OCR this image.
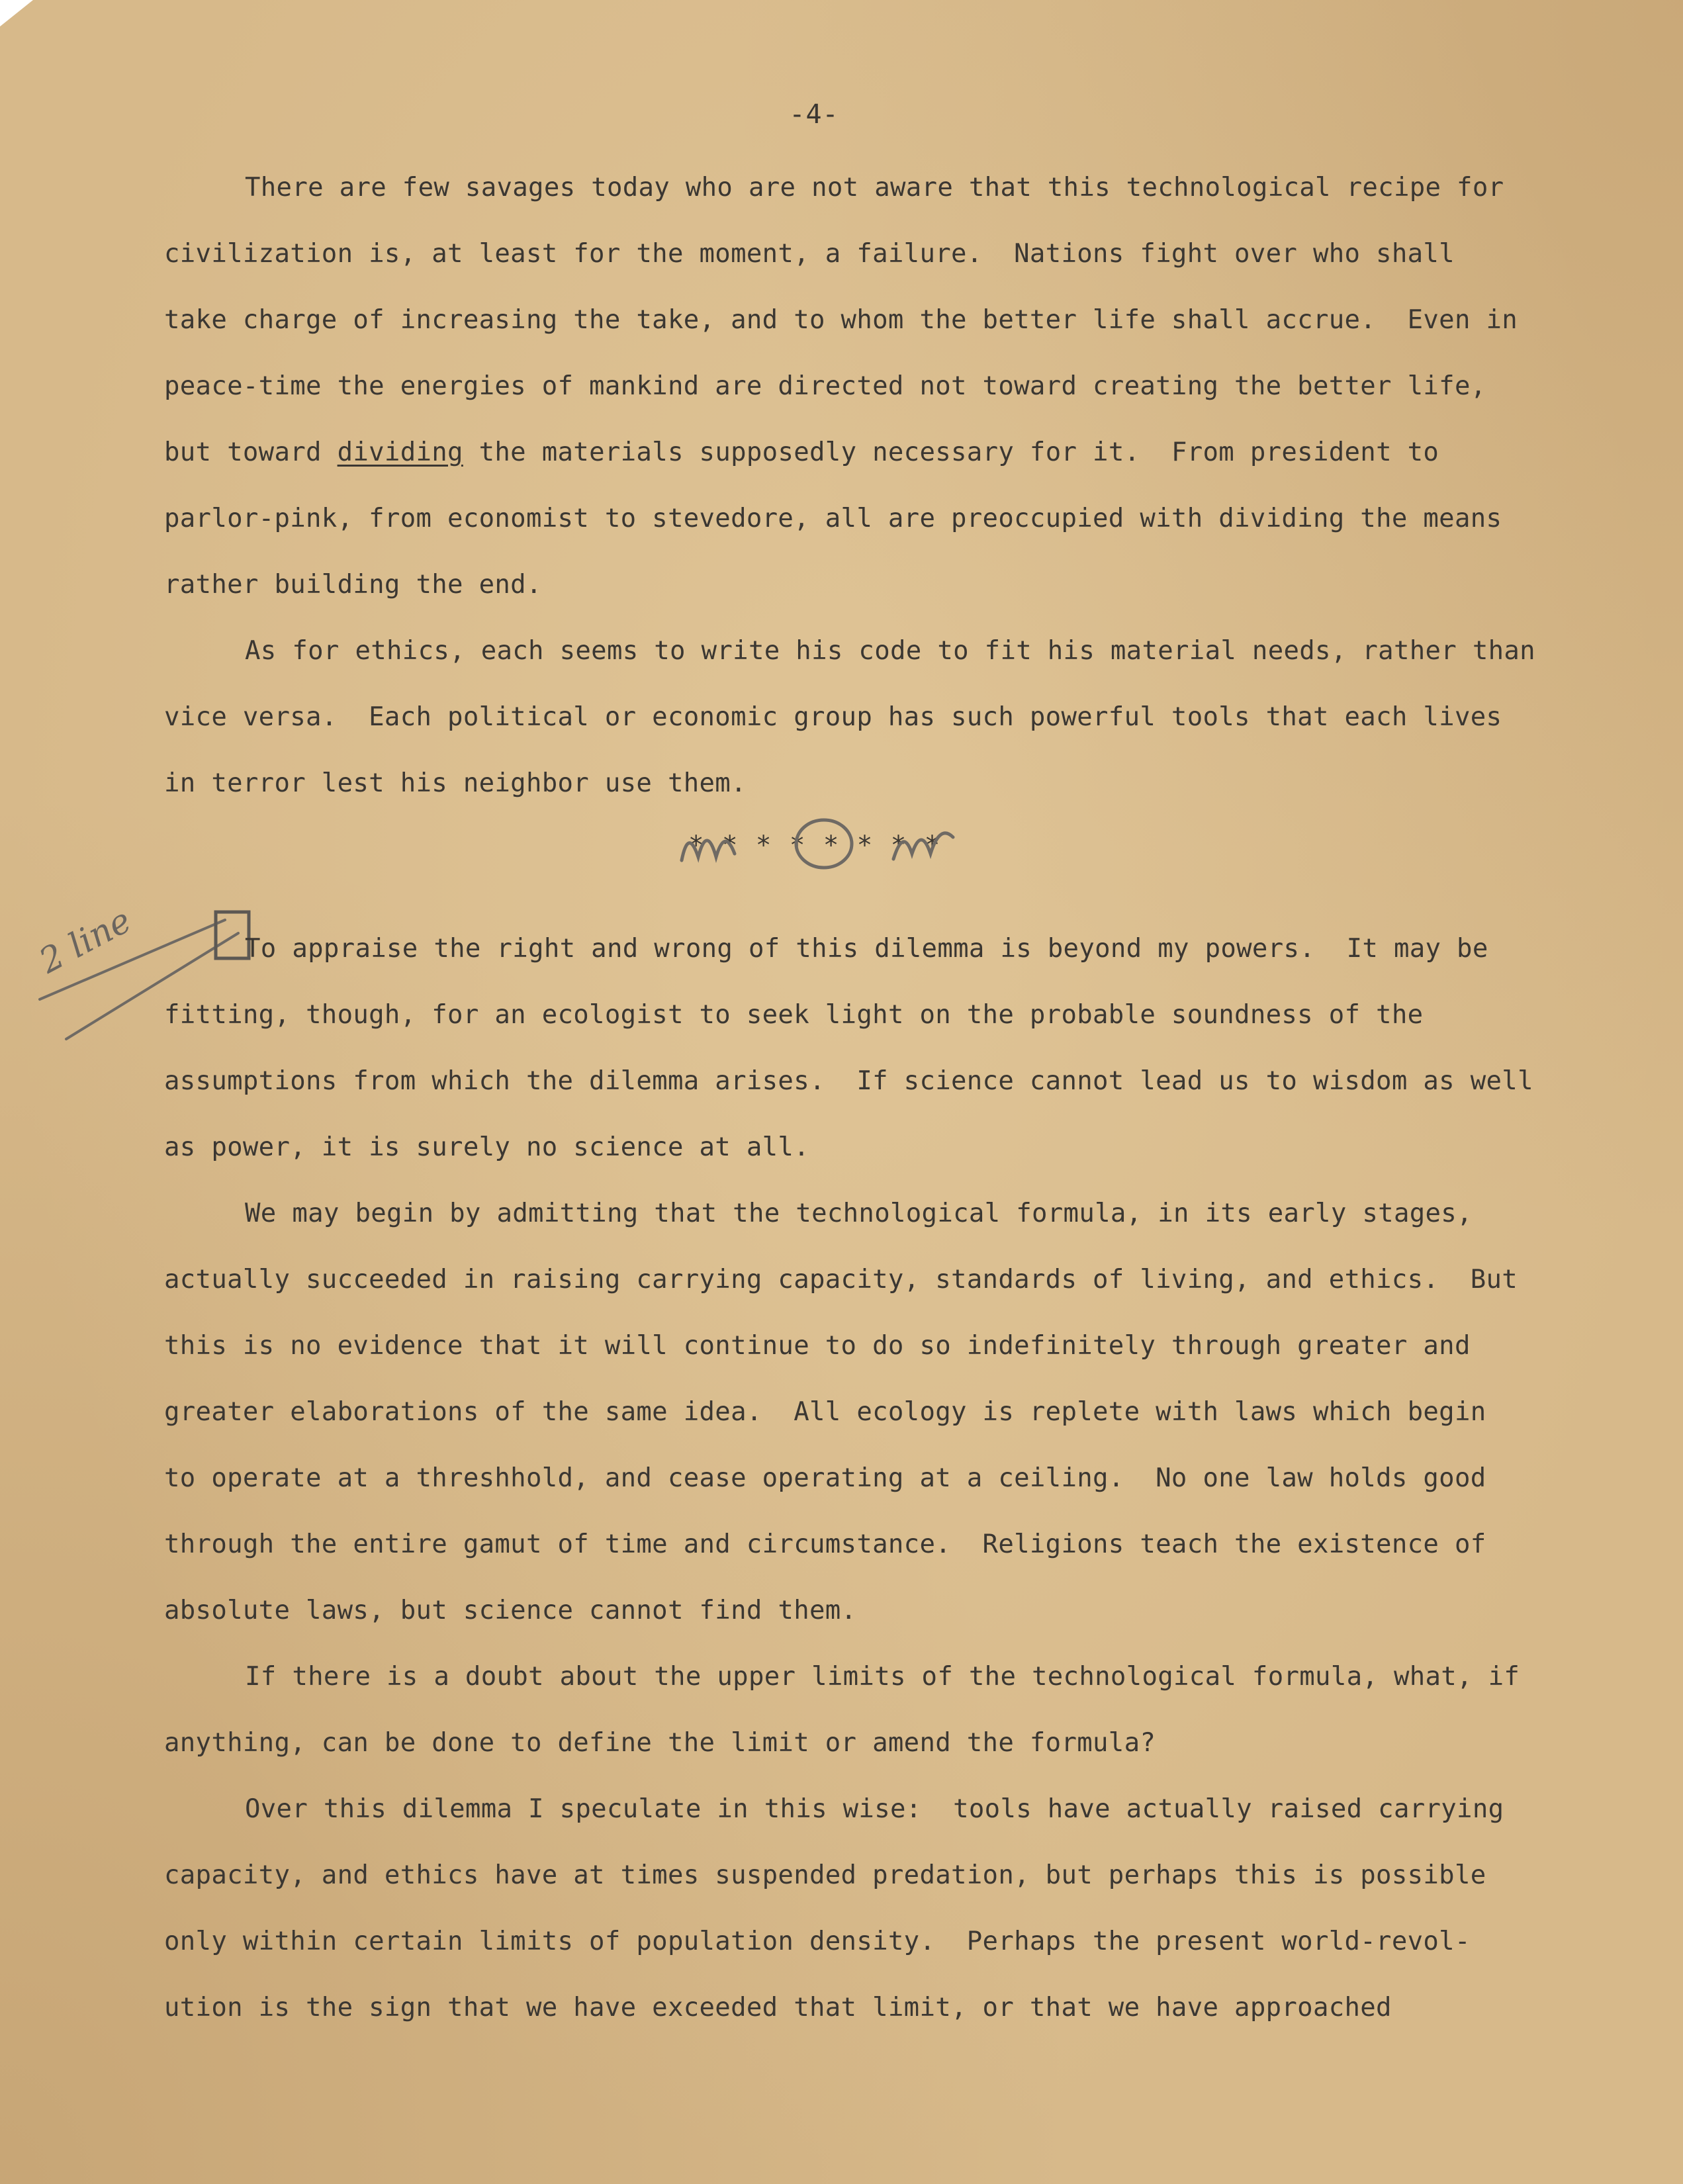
-4-
There are few savages today who are not aware that this technological recipe for
civilization is, at least for the moment, a failure.  Nations fight over who shall
take charge of increasing the take, and to whom the better life shall accrue.  Even in
peace-time the energies of mankind are directed not toward creating the better life,
but toward dividing the materials supposedly necessary for it.  From president to
parlor-pink, from economist to stevedore, all are preoccupied with dividing the means
rather building the end.
As for ethics, each seems to write his code to fit his material needs, rather than
vice versa.  Each political or economic group has such powerful tools that each lives
in terror lest his neighbor use them.
* * * * * * * *
2 line	To appraise the right and wrong of this dilemma is beyond my powers.  It may be
fitting, though, for an ecologist to seek light on the probable soundness of the
assumptions from which the dilemma arises.  If science cannot lead us to wisdom as well
as power, it is surely no science at all.
We may begin by admitting that the technological formula, in its early stages,
actually succeeded in raising carrying capacity, standards of living, and ethics.  But
this is no evidence that it will continue to do so indefinitely through greater and
greater elaborations of the same idea.  All ecology is replete with laws which begin
to operate at a threshhold, and cease operating at a ceiling.  No one law holds good
through the entire gamut of time and circumstance.  Religions teach the existence of
absolute laws, but science cannot find them.
If there is a doubt about the upper limits of the technological formula, what, if
anything, can be done to define the limit or amend the formula?
Over this dilemma I speculate in this wise:  tools have actually raised carrying
capacity, and ethics have at times suspended predation, but perhaps this is possible
only within certain limits of population density.  Perhaps the present world-revol-
ution is the sign that we have exceeded that limit, or that we have approached
